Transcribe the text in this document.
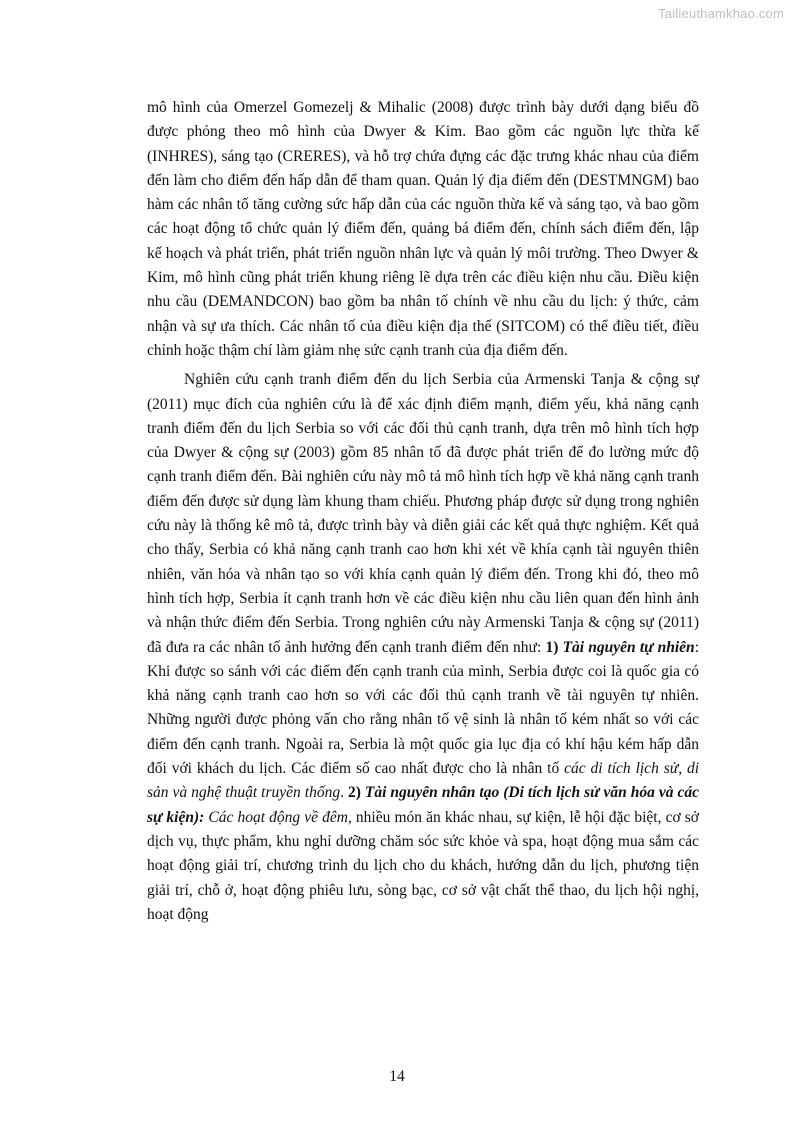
Tailieuthamkhao.com

mô hình của Omerzel Gomezelj & Mihalic (2008) được trình bày dưới dạng biểu đồ được phỏng theo mô hình của Dwyer & Kim. Bao gồm các nguồn lực thừa kế (INHRES), sáng tạo (CRERES), và hỗ trợ chứa đựng các đặc trưng khác nhau của điểm đến làm cho điểm đến hấp dẫn để tham quan. Quản lý địa điểm đến (DESTMNGM) bao hàm các nhân tố tăng cường sức hấp dẫn của các nguồn thừa kế và sáng tạo, và bao gồm các hoạt động tổ chức quản lý điểm đến, quảng bá điểm đến, chính sách điểm đến, lập kế hoạch và phát triển, phát triển nguồn nhân lực và quản lý môi trường. Theo Dwyer & Kim, mô hình cũng phát triển khung riêng lẽ dựa trên các điều kiện nhu cầu. Điều kiện nhu cầu (DEMANDCON) bao gồm ba nhân tố chính về nhu cầu du lịch: ý thức, cảm nhận và sự ưa thích. Các nhân tố của điều kiện địa thế (SITCOM) có thể điều tiết, điều chỉnh hoặc thậm chí làm giảm nhẹ sức cạnh tranh của địa điểm đến.

Nghiên cứu cạnh tranh điểm đến du lịch Serbia của Armenski Tanja & cộng sự (2011) mục đích của nghiên cứu là để xác định điểm mạnh, điểm yếu, khả năng cạnh tranh điểm đến du lịch Serbia so với các đối thủ cạnh tranh, dựa trên mô hình tích hợp của Dwyer & cộng sự (2003) gồm 85 nhân tố đã được phát triển để đo lường mức độ cạnh tranh điểm đến. Bài nghiên cứu này mô tả mô hình tích hợp về khả năng cạnh tranh điểm đến được sử dụng làm khung tham chiếu. Phương pháp được sử dụng trong nghiên cứu này là thống kê mô tả, được trình bày và diễn giải các kết quả thực nghiệm. Kết quả cho thấy, Serbia có khả năng cạnh tranh cao hơn khi xét về khía cạnh tài nguyên thiên nhiên, văn hóa và nhân tạo so với khía cạnh quản lý điểm đến. Trong khi đó, theo mô hình tích hợp, Serbia ít cạnh tranh hơn về các điều kiện nhu cầu liên quan đến hình ảnh và nhận thức điểm đến Serbia. Trong nghiên cứu này Armenski Tanja & cộng sự (2011) đã đưa ra các nhân tố ảnh hưởng đến cạnh tranh điểm đến như: 1) Tài nguyên tự nhiên: Khi được so sánh với các điểm đến cạnh tranh của mình, Serbia được coi là quốc gia có khả năng cạnh tranh cao hơn so với các đối thủ cạnh tranh về tài nguyên tự nhiên. Những người được phỏng vấn cho rằng nhân tố vệ sinh là nhân tố kém nhất so với các điểm đến cạnh tranh. Ngoài ra, Serbia là một quốc gia lục địa có khí hậu kém hấp dẫn đối với khách du lịch. Các điểm số cao nhất được cho là nhân tố các di tích lịch sử, di sản và nghệ thuật truyền thống. 2) Tài nguyên nhân tạo (Di tích lịch sử văn hóa và các sự kiện): Các hoạt động về đêm, nhiều món ăn khác nhau, sự kiện, lễ hội đặc biệt, cơ sở dịch vụ, thực phẩm, khu nghỉ dưỡng chăm sóc sức khỏe và spa, hoạt động mua sắm các hoạt động giải trí, chương trình du lịch cho du khách, hướng dẫn du lịch, phương tiện giải trí, chỗ ở, hoạt động phiêu lưu, sòng bạc, cơ sở vật chất thể thao, du lịch hội nghị, hoạt động

14
